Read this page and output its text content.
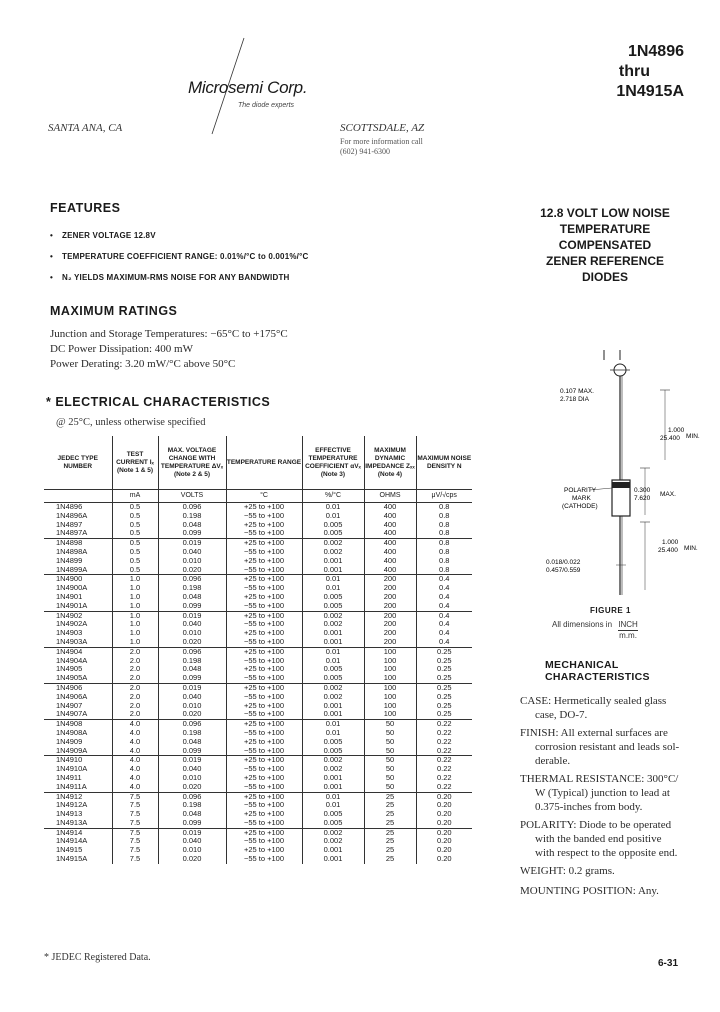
Microsemi Corp.
The diode experts
SANTA ANA, CA	SCOTTSDALE, AZ
For more information call
(602) 941-6300
1N4896
thru
1N4915A
12.8 VOLT LOW NOISE
TEMPERATURE
COMPENSATED
ZENER REFERENCE
DIODES
FEATURES
• ZENER VOLTAGE 12.8V
• TEMPERATURE COEFFICIENT RANGE: 0.01%/°C to 0.001%/°C
• N₂ YIELDS MAXIMUM-RMS NOISE FOR ANY BANDWIDTH
MAXIMUM RATINGS
Junction and Storage Temperatures: −65°C to +175°C
DC Power Dissipation: 400 mW
Power Derating: 3.20 mW/°C above 50°C
* ELECTRICAL CHARACTERISTICS
@ 25°C, unless otherwise specified
JEDEC TYPE NUMBER	TEST CURRENT Iₓ (Note 1 & 5)	MAX. VOLTAGE CHANGE WITH TEMPERATURE ΔVₓ (Note 2 & 5)	TEMPERATURE RANGE	EFFECTIVE TEMPERATURE COEFFICIENT αVₓ (Note 3)	MAXIMUM DYNAMIC IMPEDANCE Zₓₓ (Note 4)	MAXIMUM NOISE DENSITY N
	mA	VOLTS	°C	%/°C	OHMS	μV/√cps
1N4896	0.5	0.096	+25 to +100	0.01	400	0.8
1N4896A	0.5	0.198	−55 to +100	0.01	400	0.8
1N4897	0.5	0.048	+25 to +100	0.005	400	0.8
1N4897A	0.5	0.099	−55 to +100	0.005	400	0.8
1N4898	0.5	0.019	+25 to +100	0.002	400	0.8
1N4898A	0.5	0.040	−55 to +100	0.002	400	0.8
1N4899	0.5	0.010	+25 to +100	0.001	400	0.8
1N4899A	0.5	0.020	−55 to +100	0.001	400	0.8
1N4900	1.0	0.096	+25 to +100	0.01	200	0.4
1N4900A	1.0	0.198	−55 to +100	0.01	200	0.4
1N4901	1.0	0.048	+25 to +100	0.005	200	0.4
1N4901A	1.0	0.099	−55 to +100	0.005	200	0.4
1N4902	1.0	0.019	+25 to +100	0.002	200	0.4
1N4902A	1.0	0.040	−55 to +100	0.002	200	0.4
1N4903	1.0	0.010	+25 to +100	0.001	200	0.4
1N4903A	1.0	0.020	−55 to +100	0.001	200	0.4
1N4904	2.0	0.096	+25 to +100	0.01	100	0.25
1N4904A	2.0	0.198	−55 to +100	0.01	100	0.25
1N4905	2.0	0.048	+25 to +100	0.005	100	0.25
1N4905A	2.0	0.099	−55 to +100	0.005	100	0.25
1N4906	2.0	0.019	+25 to +100	0.002	100	0.25
1N4906A	2.0	0.040	−55 to +100	0.002	100	0.25
1N4907	2.0	0.010	+25 to +100	0.001	100	0.25
1N4907A	2.0	0.020	−55 to +100	0.001	100	0.25
1N4908	4.0	0.096	+25 to +100	0.01	50	0.22
1N4908A	4.0	0.198	−55 to +100	0.01	50	0.22
1N4909	4.0	0.048	+25 to +100	0.005	50	0.22
1N4909A	4.0	0.099	−55 to +100	0.005	50	0.22
1N4910	4.0	0.019	+25 to +100	0.002	50	0.22
1N4910A	4.0	0.040	−55 to +100	0.002	50	0.22
1N4911	4.0	0.010	+25 to +100	0.001	50	0.22
1N4911A	4.0	0.020	−55 to +100	0.001	50	0.22
1N4912	7.5	0.096	+25 to +100	0.01	25	0.20
1N4912A	7.5	0.198	−55 to +100	0.01	25	0.20
1N4913	7.5	0.048	+25 to +100	0.005	25	0.20
1N4913A	7.5	0.099	−55 to +100	0.005	25	0.20
1N4914	7.5	0.019	+25 to +100	0.002	25	0.20
1N4914A	7.5	0.040	−55 to +100	0.002	25	0.20
1N4915	7.5	0.010	+25 to +100	0.001	25	0.20
1N4915A	7.5	0.020	−55 to +100	0.001	25	0.20
* JEDEC Registered Data.
0.107 MAX.
2.718 DIA
1.000
25.400 MIN.
POLARITY
MARK
(CATHODE)
0.300
7.620
MAX.
1.000
25.400 MIN.
0.018/0.022
0.457/0.559
FIGURE 1
All dimensions in INCH
m.m.
MECHANICAL
CHARACTERISTICS
CASE: Hermetically sealed glass
case, DO-7.
FINISH: All external surfaces are
corrosion resistant and leads sol-
derable.
THERMAL RESISTANCE: 300°C/
W (Typical) junction to lead at
0.375-inches from body.
POLARITY: Diode to be operated
with the banded end positive
with respect to the opposite end.
WEIGHT: 0.2 grams.
MOUNTING POSITION: Any.
6-31
